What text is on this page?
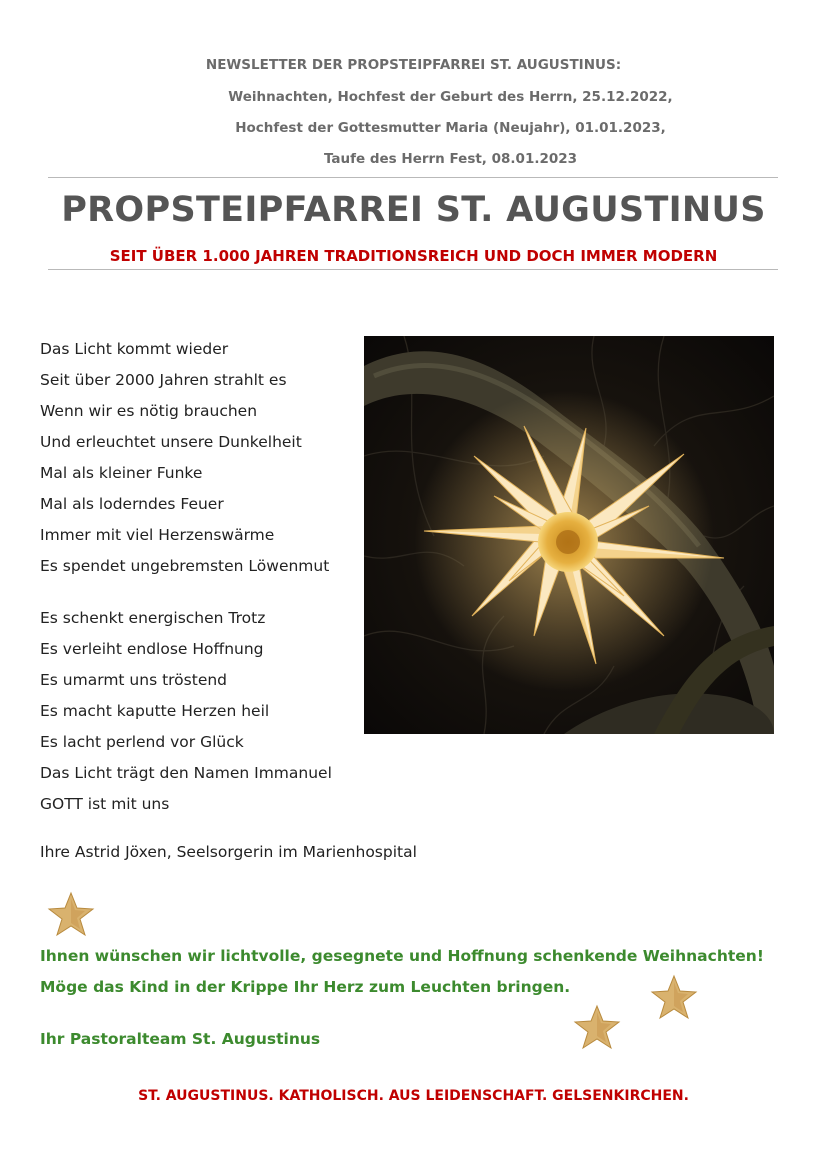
NEWSLETTER DER PROPSTEIPFARREI ST. AUGUSTINUS:
Weihnachten, Hochfest der Geburt des Herrn, 25.12.2022,
Hochfest der Gottesmutter Maria (Neujahr), 01.01.2023,
Taufe des Herrn Fest, 08.01.2023
PROPSTEIPFARREI ST. AUGUSTINUS
SEIT ÜBER 1.000 JAHREN TRADITIONSREICH UND DOCH IMMER MODERN
Das Licht kommt wieder
Seit über 2000 Jahren strahlt es
Wenn wir es nötig brauchen
Und erleuchtet unsere Dunkelheit
Mal als kleiner Funke
Mal als loderndes Feuer
Immer mit viel Herzenswärme
Es spendet ungebremsten Löwenmut
Es schenkt energischen Trotz
Es verleiht endlose Hoffnung
Es umarmt uns tröstend
Es macht kaputte Herzen heil
Es lacht perlend vor Glück
Das Licht trägt den Namen Immanuel
GOTT ist mit uns
Ihre Astrid Jöxen, Seelsorgerin im Marienhospital
Ihnen wünschen wir lichtvolle, gesegnete und Hoffnung schenkende Weihnachten!
Möge das Kind in der Krippe Ihr Herz zum Leuchten bringen.
Ihr Pastoralteam St. Augustinus
ST. AUGUSTINUS. KATHOLISCH. AUS LEIDENSCHAFT. GELSENKIRCHEN.
